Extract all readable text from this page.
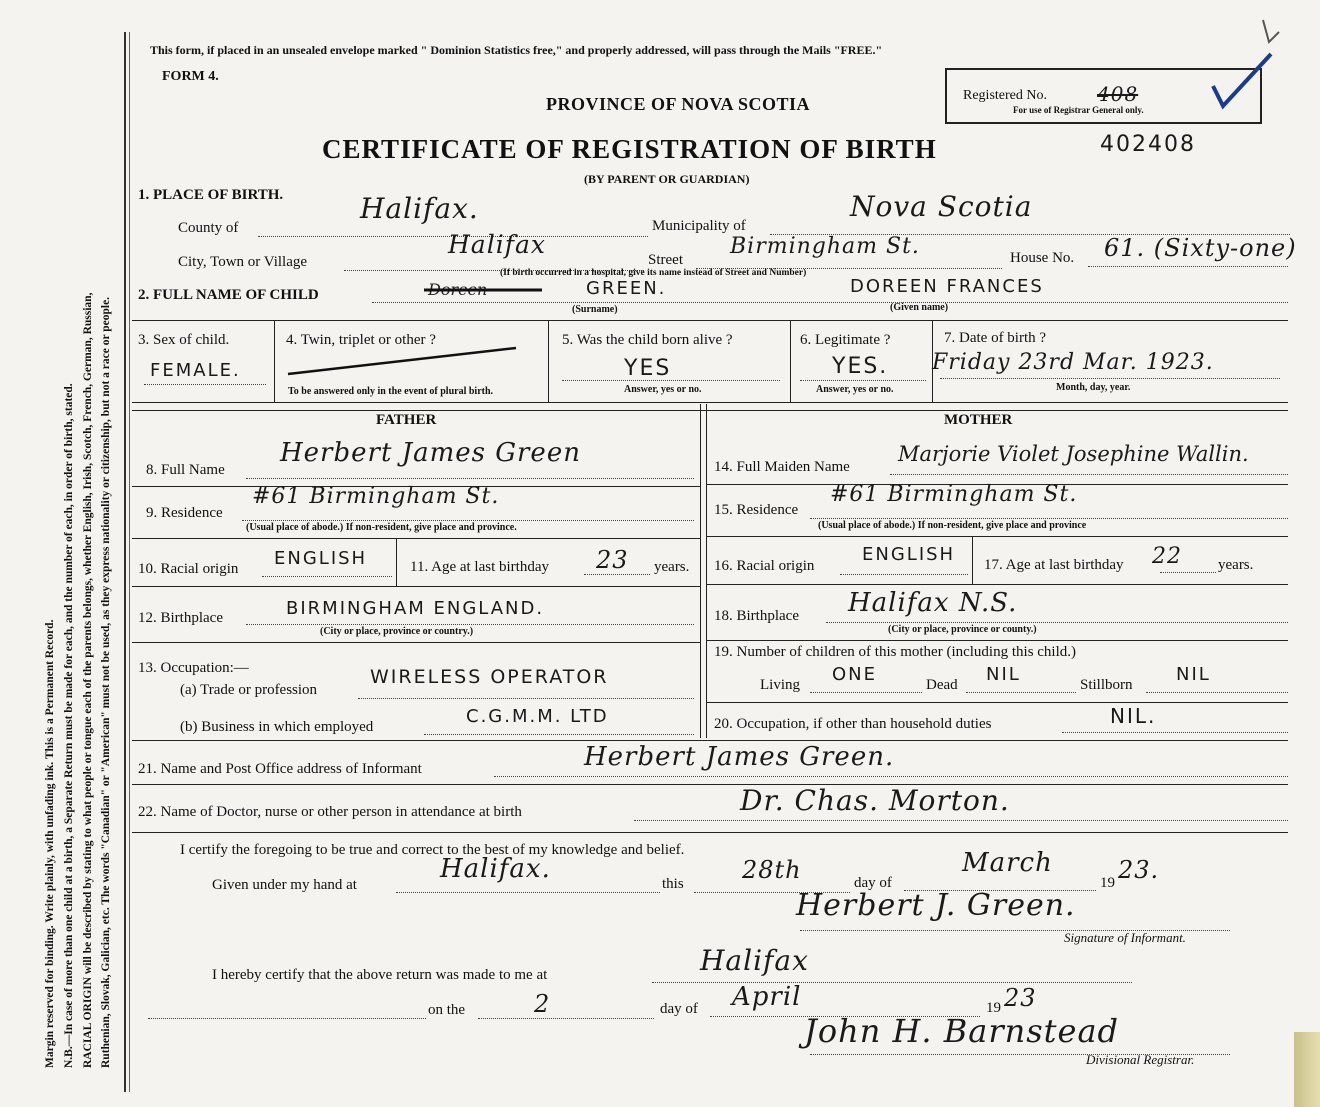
Ruthenian, Slovak, Galician, etc. The words "Canadian" or "American" must not be used, as they express nationality or citizenship, but not a race or people.
RACIAL ORIGIN will be described by stating to what people or tongue each of the parents belongs, whether English, Irish, Scotch, French, German, Russian,
N.B.—In case of more than one child at a birth, a Separate Return must be made for each, and the number of each, in order of birth, stated.
Margin reserved for binding. Write plainly, with unfading ink. This is a Permanent Record.
This form, if placed in an unsealed envelope marked " Dominion Statistics free," and properly addressed, will pass through the Mails "FREE."
FORM 4.
PROVINCE OF NOVA SCOTIA	Registered No.	408
For use of Registrar General only.
CERTIFICATE OF REGISTRATION OF BIRTH	402408
(BY PARENT OR GUARDIAN)
1. PLACE OF BIRTH.
County of
Halifax.
Municipality of
Nova Scotia
City, Town or Village
Halifax
Street
Birmingham St.	House No. 61. (Sixty-one)
(If birth occurred in a hospital, give its name instead of Street and Number)
2. FULL NAME OF CHILD	GREEN.	DOREEN FRANCES
Doreen
(Surname)	(Given name)
3. Sex of child.
FEMALE.
4. Twin, triplet or other ?
To be answered only in the event of plural birth.
5. Was the child born alive ?
YES
Answer, yes or no.
6. Legitimate ?
YES.
Answer, yes or no.
7. Date of birth ?
Friday 23rd Mar. 1923.
Month, day, year.
FATHER	MOTHER
8. Full Name
Herbert James Green
9. Residence
#61 Birmingham St.
(Usual place of abode.) If non-resident, give place and province.
10. Racial origin ENGLISH	11. Age at last birthday 23 years.
12. Birthplace	BIRMINGHAM ENGLAND.
(City or place, province or country.)
13. Occupation:—
(a) Trade or profession
WIRELESS OPERATOR
(b) Business in which employed	C.G.M.M. LTD
14. Full Maiden Name
Marjorie Violet Josephine Wallin.
15. Residence
#61 Birmingham St.
(Usual place of abode.) If non-resident, give place and province
16. Racial origin
ENGLISH 17. Age at last birthday 22 years.
18. Birthplace Halifax N.S.
(City or place, province or county.)
19. Number of children of this mother (including this child.)
Living ONE	Dead NIL	Stillborn NIL
20. Occupation, if other than household duties	NIL.
21. Name and Post Office address of Informant	Herbert James Green.
22. Name of Doctor, nurse or other person in attendance at birth	Dr. Chas. Morton.
I certify the foregoing to be true and correct to the best of my knowledge and belief.
Given under my hand at
Halifax.	this 28th	day of
March
19 23.
Herbert J. Green.
Signature of Informant.
I hereby certify that the above return was made to me at	Halifax
on the	2	day of April	19 23
John H. Barnstead
Divisional Registrar.
